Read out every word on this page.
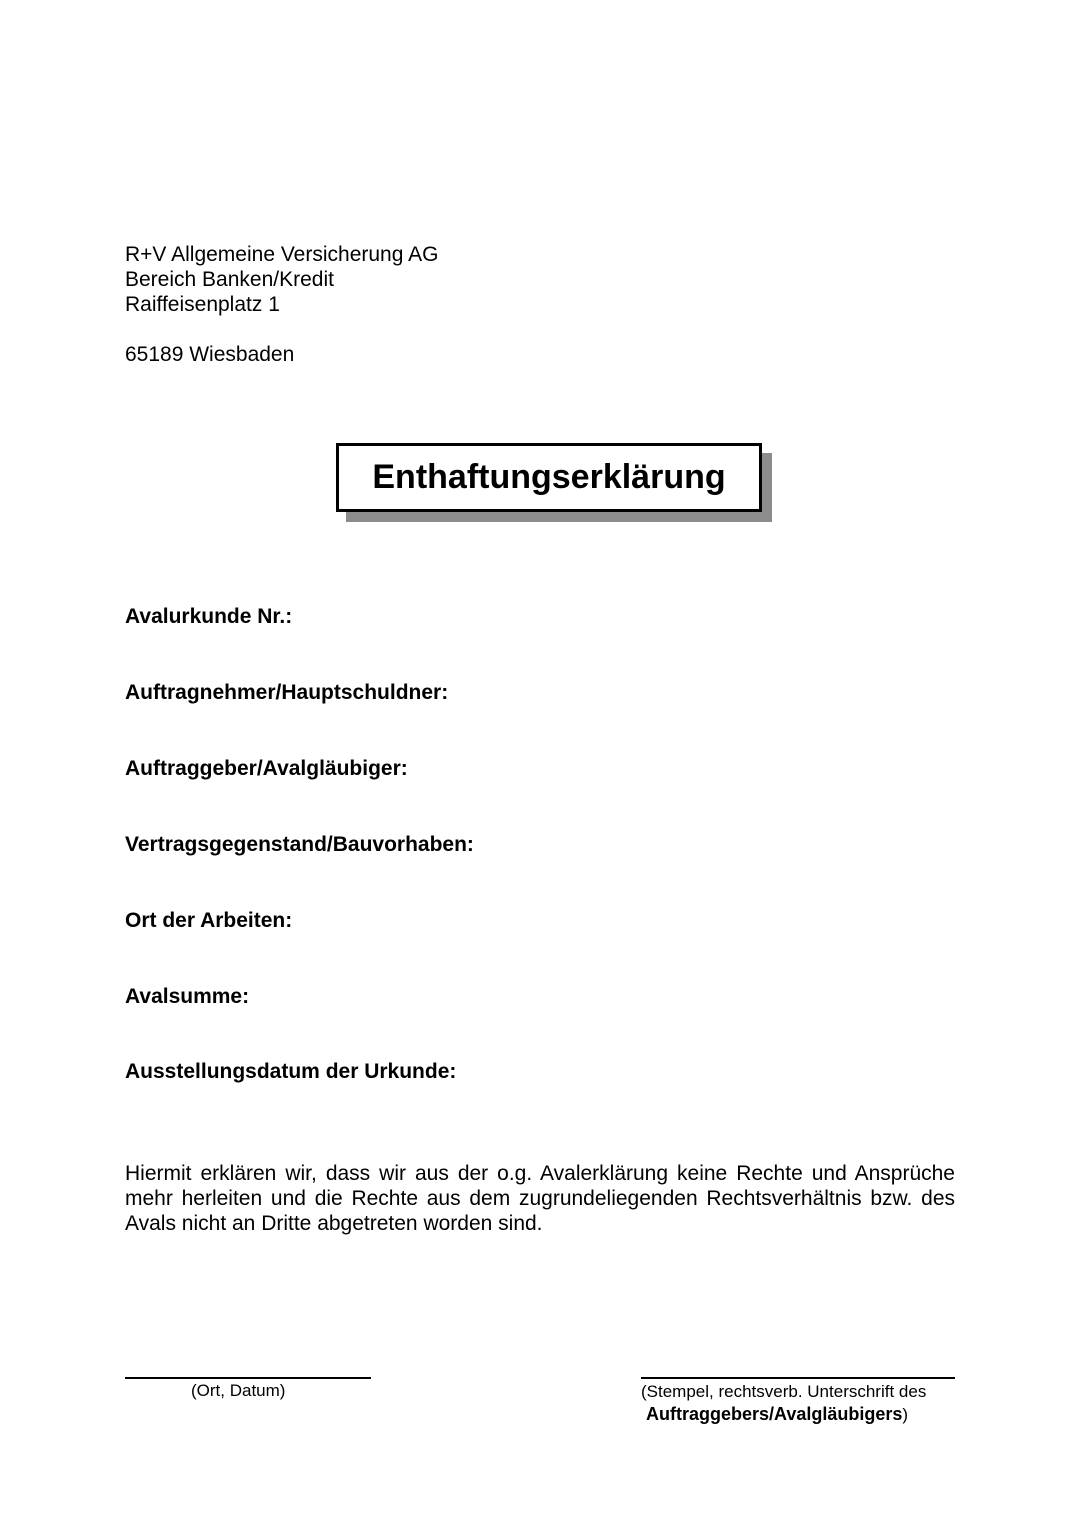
R+V Allgemeine Versicherung AG
Bereich Banken/Kredit
Raiffeisenplatz 1
65189 Wiesbaden
Enthaftungserklärung
Avalurkunde Nr.:
Auftragnehmer/Hauptschuldner:
Auftraggeber/Avalgläubiger:
Vertragsgegenstand/Bauvorhaben:
Ort der Arbeiten:
Avalsumme:
Ausstellungsdatum der Urkunde:
Hiermit erklären wir, dass wir aus der o.g. Avalerklärung keine Rechte und Ansprüche mehr herleiten und die Rechte aus dem zugrundeliegenden Rechtsverhältnis bzw. des Avals nicht an Dritte abgetreten worden sind.
(Ort, Datum)	(Stempel, rechtsverb. Unterschrift des
Auftraggebers/Avalgläubigers)
